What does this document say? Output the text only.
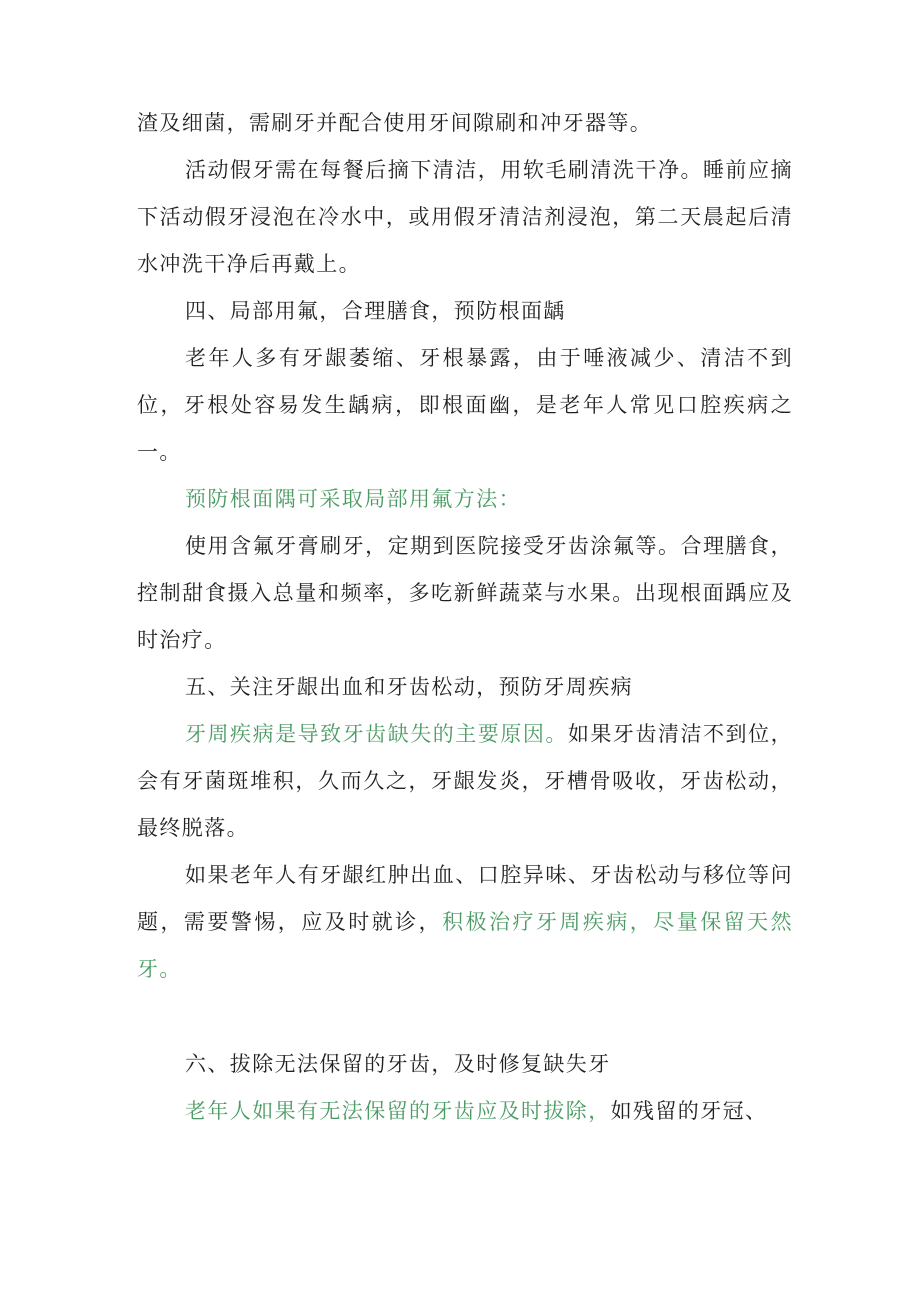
渣及细菌，需刷牙并配合使用牙间隙刷和冲牙器等。

活动假牙需在每餐后摘下清洁，用软毛刷清洗干净。睡前应摘下活动假牙浸泡在冷水中，或用假牙清洁剂浸泡，第二天晨起后清水冲洗干净后再戴上。

四、局部用氟，合理膳食，预防根面龋

老年人多有牙龈萎缩、牙根暴露，由于唾液减少、清洁不到位，牙根处容易发生龋病，即根面幽，是老年人常见口腔疾病之一。

预防根面隅可采取局部用氟方法：

使用含氟牙膏刷牙，定期到医院接受牙齿涂氟等。合理膳食，控制甜食摄入总量和频率，多吃新鲜蔬菜与水果。出现根面踽应及时治疗。

五、关注牙龈出血和牙齿松动，预防牙周疾病

牙周疾病是导致牙齿缺失的主要原因。如果牙齿清洁不到位，会有牙菌斑堆积，久而久之，牙龈发炎，牙槽骨吸收，牙齿松动，最终脱落。

如果老年人有牙龈红肿出血、口腔异味、牙齿松动与移位等问题，需要警惕，应及时就诊，积极治疗牙周疾病，尽量保留天然牙。

六、拔除无法保留的牙齿，及时修复缺失牙

老年人如果有无法保留的牙齿应及时拔除，如残留的牙冠、
